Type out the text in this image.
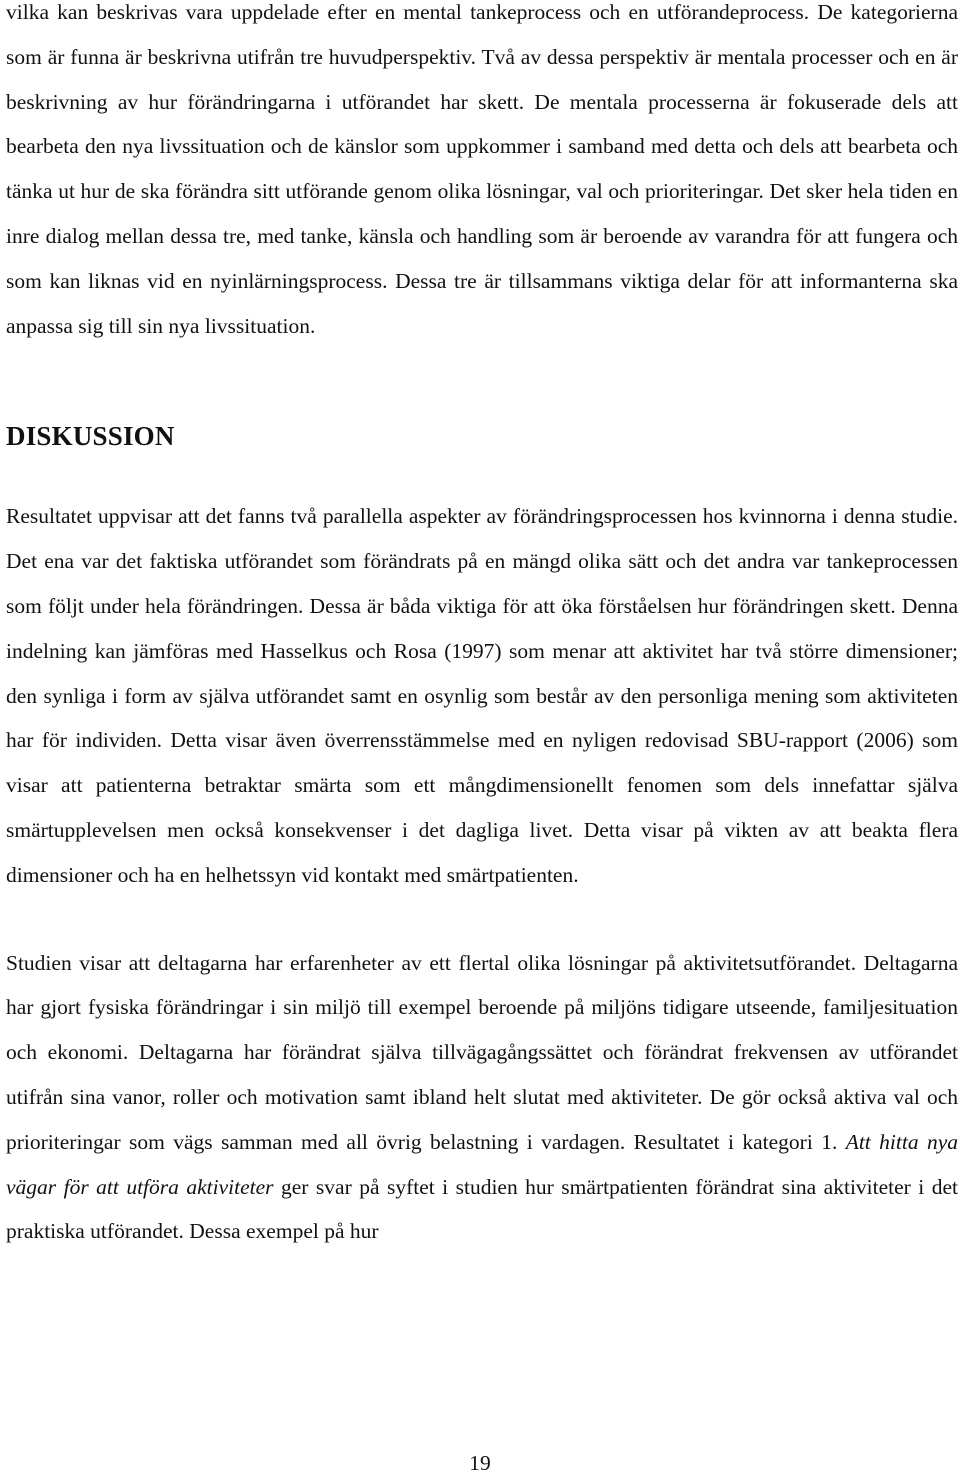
vilka kan beskrivas vara uppdelade efter en mental tankeprocess och en utförandeprocess. De kategorierna som är funna är beskrivna utifrån tre huvudperspektiv. Två av dessa perspektiv är mentala processer och en är beskrivning av hur förändringarna i utförandet har skett. De mentala processerna är fokuserade dels att bearbeta den nya livssituation och de känslor som uppkommer i samband med detta och dels att bearbeta och tänka ut hur de ska förändra sitt utförande genom olika lösningar, val och prioriteringar. Det sker hela tiden en inre dialog mellan dessa tre, med tanke, känsla och handling som är beroende av varandra för att fungera och som kan liknas vid en nyinlärningsprocess. Dessa tre är tillsammans viktiga delar för att informanterna ska anpassa sig till sin nya livssituation.

DISKUSSION

Resultatet uppvisar att det fanns två parallella aspekter av förändringsprocessen hos kvinnorna i denna studie. Det ena var det faktiska utförandet som förändrats på en mängd olika sätt och det andra var tankeprocessen som följt under hela förändringen. Dessa är båda viktiga för att öka förståelsen hur förändringen skett. Denna indelning kan jämföras med Hasselkus och Rosa (1997) som menar att aktivitet har två större dimensioner; den synliga i form av själva utförandet samt en osynlig som består av den personliga mening som aktiviteten har för individen. Detta visar även överrensstämmelse med en nyligen redovisad SBU-rapport (2006) som visar att patienterna betraktar smärta som ett mångdimensionellt fenomen som dels innefattar själva smärtupplevelsen men också konsekvenser i det dagliga livet. Detta visar på vikten av att beakta flera dimensioner och ha en helhetssyn vid kontakt med smärtpatienten.

Studien visar att deltagarna har erfarenheter av ett flertal olika lösningar på aktivitetsutförandet. Deltagarna har gjort fysiska förändringar i sin miljö till exempel beroende på miljöns tidigare utseende, familjesituation och ekonomi. Deltagarna har förändrat själva tillvägagångssättet och förändrat frekvensen av utförandet utifrån sina vanor, roller och motivation samt ibland helt slutat med aktiviteter. De gör också aktiva val och prioriteringar som vägs samman med all övrig belastning i vardagen. Resultatet i kategori 1. Att hitta nya vägar för att utföra aktiviteter ger svar på syftet i studien hur smärtpatienten förändrat sina aktiviteter i det praktiska utförandet. Dessa exempel på hur

19
